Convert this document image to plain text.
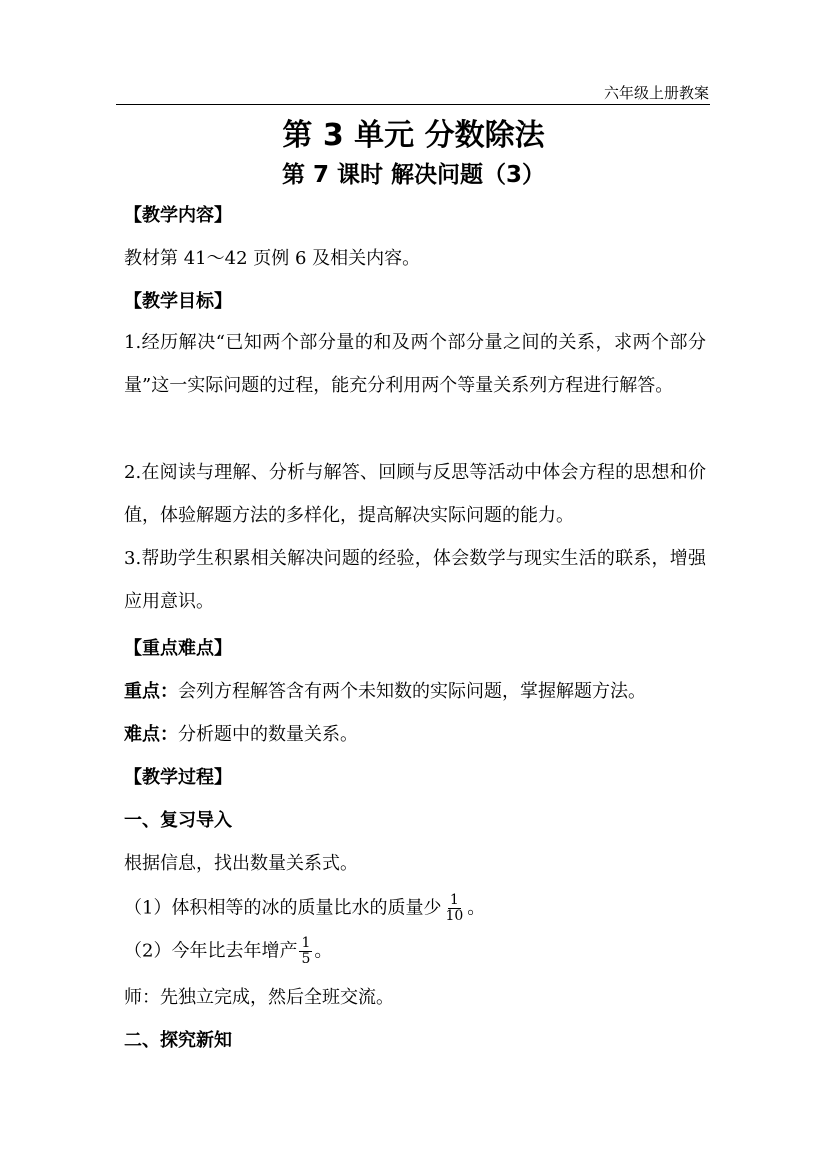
六年级上册教案
第 3 单元 分数除法
第 7 课时 解决问题（3）
【教学内容】
教材第 41～42 页例 6 及相关内容。
【教学目标】
1.经历解决“已知两个部分量的和及两个部分量之间的关系，求两个部分量”这一实际问题的过程，能充分利用两个等量关系列方程进行解答。
2.在阅读与理解、分析与解答、回顾与反思等活动中体会方程的思想和价值，体验解题方法的多样化，提高解决实际问题的能力。
3.帮助学生积累相关解决问题的经验，体会数学与现实生活的联系，增强应用意识。
【重点难点】
重点：会列方程解答含有两个未知数的实际问题，掌握解题方法。
难点：分析题中的数量关系。
【教学过程】
一、复习导入
根据信息，找出数量关系式。
（1）体积相等的冰的质量比水的质量少 $\frac{1}{10}$ 。
（2）今年比去年增产 $\frac{1}{5}$ 。
师：先独立完成，然后全班交流。
二、探究新知
